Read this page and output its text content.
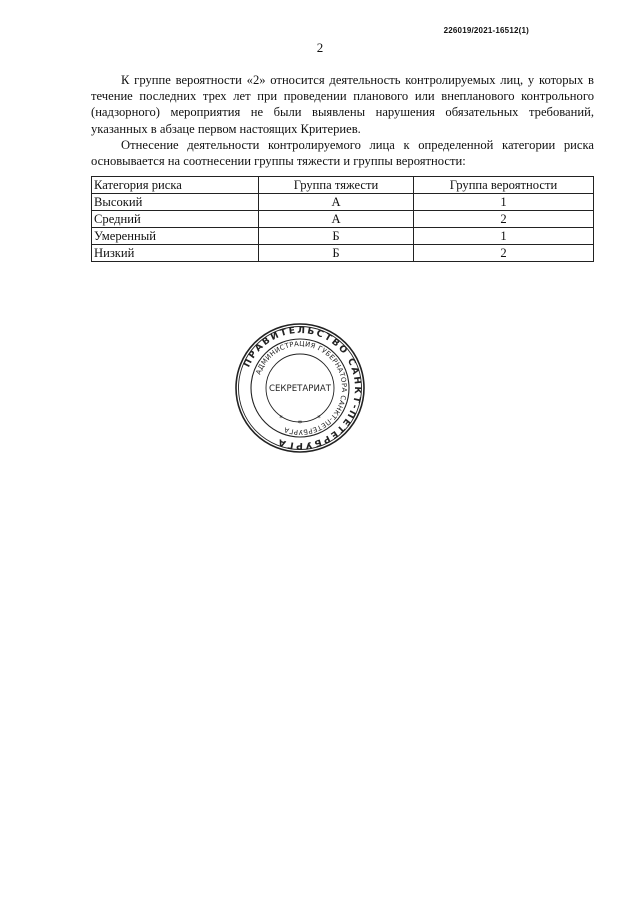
226019/2021-16512(1)
2

К группе вероятности «2» относится деятельность контролируемых лиц, у которых в течение последних трех лет при проведении планового или внепланового контрольного (надзорного) мероприятия не были выявлены нарушения обязательных требований, указанных в абзаце первом настоящих Критериев.

Отнесение деятельности контролируемого лица к определенной категории риска основывается на соотнесении группы тяжести и группы вероятности:

Категория риска	Группа тяжести	Группа вероятности
Высокий	А	1
Средний	А	2
Умеренный	Б	1
Низкий	Б	2
ПРАВИТЕЛЬСТВО САНКТ-ПЕТЕРБУРГА
АДМИНИСТРАЦИЯ ГУБЕРНАТОРА САНКТ-ПЕТЕРБУРГА
СЕКРЕТАРИАТ
*
*	*
